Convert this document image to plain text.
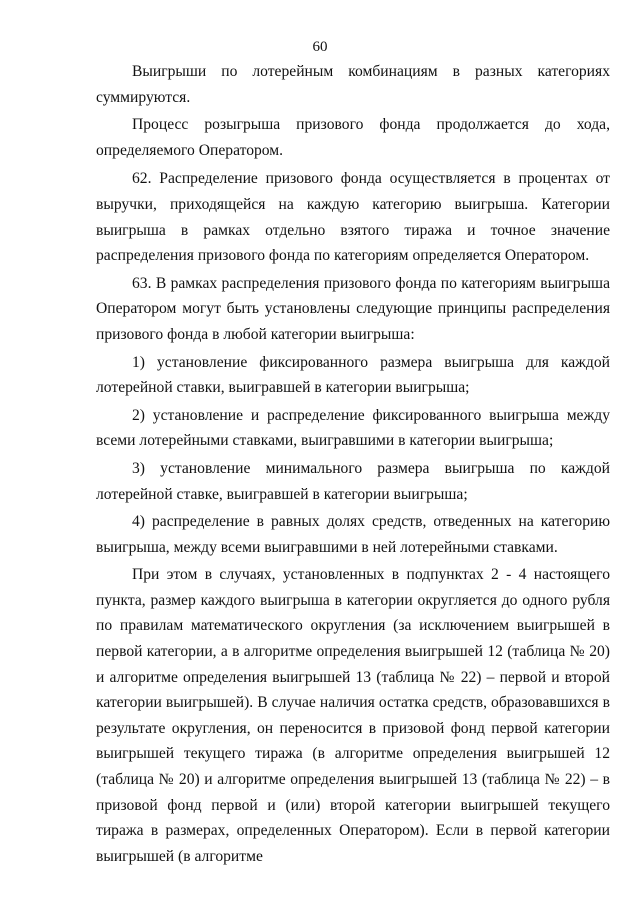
60

Выигрыши по лотерейным комбинациям в разных категориях суммируются.

Процесс розыгрыша призового фонда продолжается до хода, определяемого Оператором.

62. Распределение призового фонда осуществляется в процентах от выручки, приходящейся на каждую категорию выигрыша. Категории выигрыша в рамках отдельно взятого тиража и точное значение распределения призового фонда по категориям определяется Оператором.

63. В рамках распределения призового фонда по категориям выигрыша Оператором могут быть установлены следующие принципы распределения призового фонда в любой категории выигрыша:

1) установление фиксированного размера выигрыша для каждой лотерейной ставки, выигравшей в категории выигрыша;

2) установление и распределение фиксированного выигрыша между всеми лотерейными ставками, выигравшими в категории выигрыша;

3) установление минимального размера выигрыша по каждой лотерейной ставке, выигравшей в категории выигрыша;

4) распределение в равных долях средств, отведенных на категорию выигрыша, между всеми выигравшими в ней лотерейными ставками.

При этом в случаях, установленных в подпунктах 2 - 4 настоящего пункта, размер каждого выигрыша в категории округляется до одного рубля по правилам математического округления (за исключением выигрышей в первой категории, а в алгоритме определения выигрышей 12 (таблица № 20) и алгоритме определения выигрышей 13 (таблица № 22) – первой и второй категории выигрышей). В случае наличия остатка средств, образовавшихся в результате округления, он переносится в призовой фонд первой категории выигрышей текущего тиража (в алгоритме определения выигрышей 12 (таблица № 20) и алгоритме определения выигрышей 13 (таблица № 22) – в призовой фонд первой и (или) второй категории выигрышей текущего тиража в размерах, определенных Оператором). Если в первой категории выигрышей (в алгоритме
